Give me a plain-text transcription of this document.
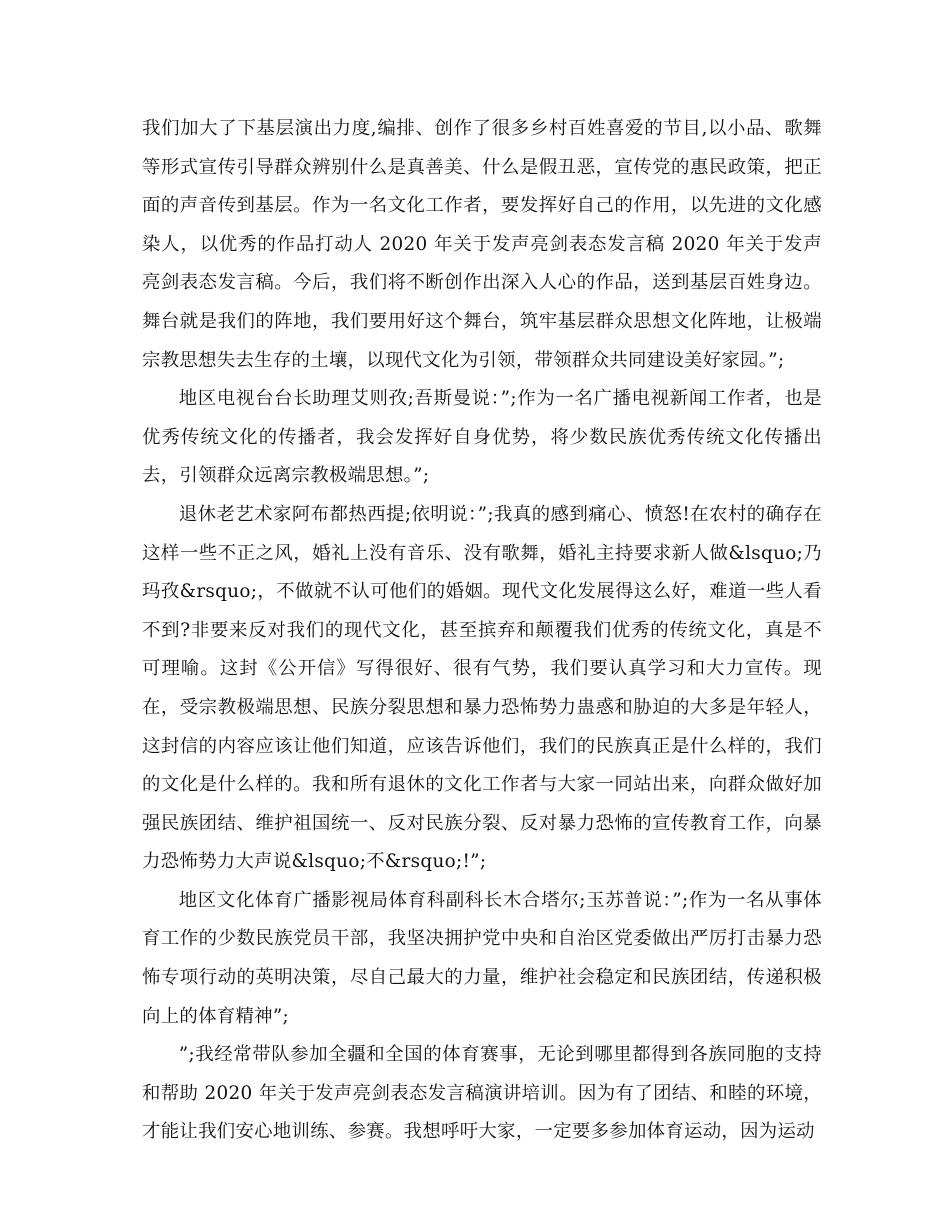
我们加大了下基层演出力度,编排、创作了很多乡村百姓喜爱的节目,以小品、歌舞等形式宣传引导群众辨别什么是真善美、什么是假丑恶，宣传党的惠民政策，把正面的声音传到基层。作为一名文化工作者，要发挥好自己的作用，以先进的文化感染人，以优秀的作品打动人 2020 年关于发声亮剑表态发言稿 2020 年关于发声亮剑表态发言稿。今后，我们将不断创作出深入人心的作品，送到基层百姓身边。舞台就是我们的阵地，我们要用好这个舞台，筑牢基层群众思想文化阵地，让极端宗教思想失去生存的土壤，以现代文化为引领，带领群众共同建设美好家园。”;

地区电视台台长助理艾则孜;吾斯曼说：”;作为一名广播电视新闻工作者，也是优秀传统文化的传播者，我会发挥好自身优势，将少数民族优秀传统文化传播出去，引领群众远离宗教极端思想。”;

退休老艺术家阿布都热西提;依明说：”;我真的感到痛心、愤怒!在农村的确存在这样一些不正之风，婚礼上没有音乐、没有歌舞，婚礼主持要求新人做&lsquo;乃玛孜&rsquo;，不做就不认可他们的婚姻。现代文化发展得这么好，难道一些人看不到?非要来反对我们的现代文化，甚至摈弃和颠覆我们优秀的传统文化，真是不可理喻。这封《公开信》写得很好、很有气势，我们要认真学习和大力宣传。现在，受宗教极端思想、民族分裂思想和暴力恐怖势力蛊惑和胁迫的大多是年轻人，这封信的内容应该让他们知道，应该告诉他们，我们的民族真正是什么样的，我们的文化是什么样的。我和所有退休的文化工作者与大家一同站出来，向群众做好加强民族团结、维护祖国统一、反对民族分裂、反对暴力恐怖的宣传教育工作，向暴力恐怖势力大声说&lsquo;不&rsquo;!”;

地区文化体育广播影视局体育科副科长木合塔尔;玉苏普说：”;作为一名从事体育工作的少数民族党员干部，我坚决拥护党中央和自治区党委做出严厉打击暴力恐怖专项行动的英明决策，尽自己最大的力量，维护社会稳定和民族团结，传递积极向上的体育精神”;

”;我经常带队参加全疆和全国的体育赛事，无论到哪里都得到各族同胞的支持和帮助 2020 年关于发声亮剑表态发言稿演讲培训。因为有了团结、和睦的环境，才能让我们安心地训练、参赛。我想呼吁大家，一定要多参加体育运动，因为运动
